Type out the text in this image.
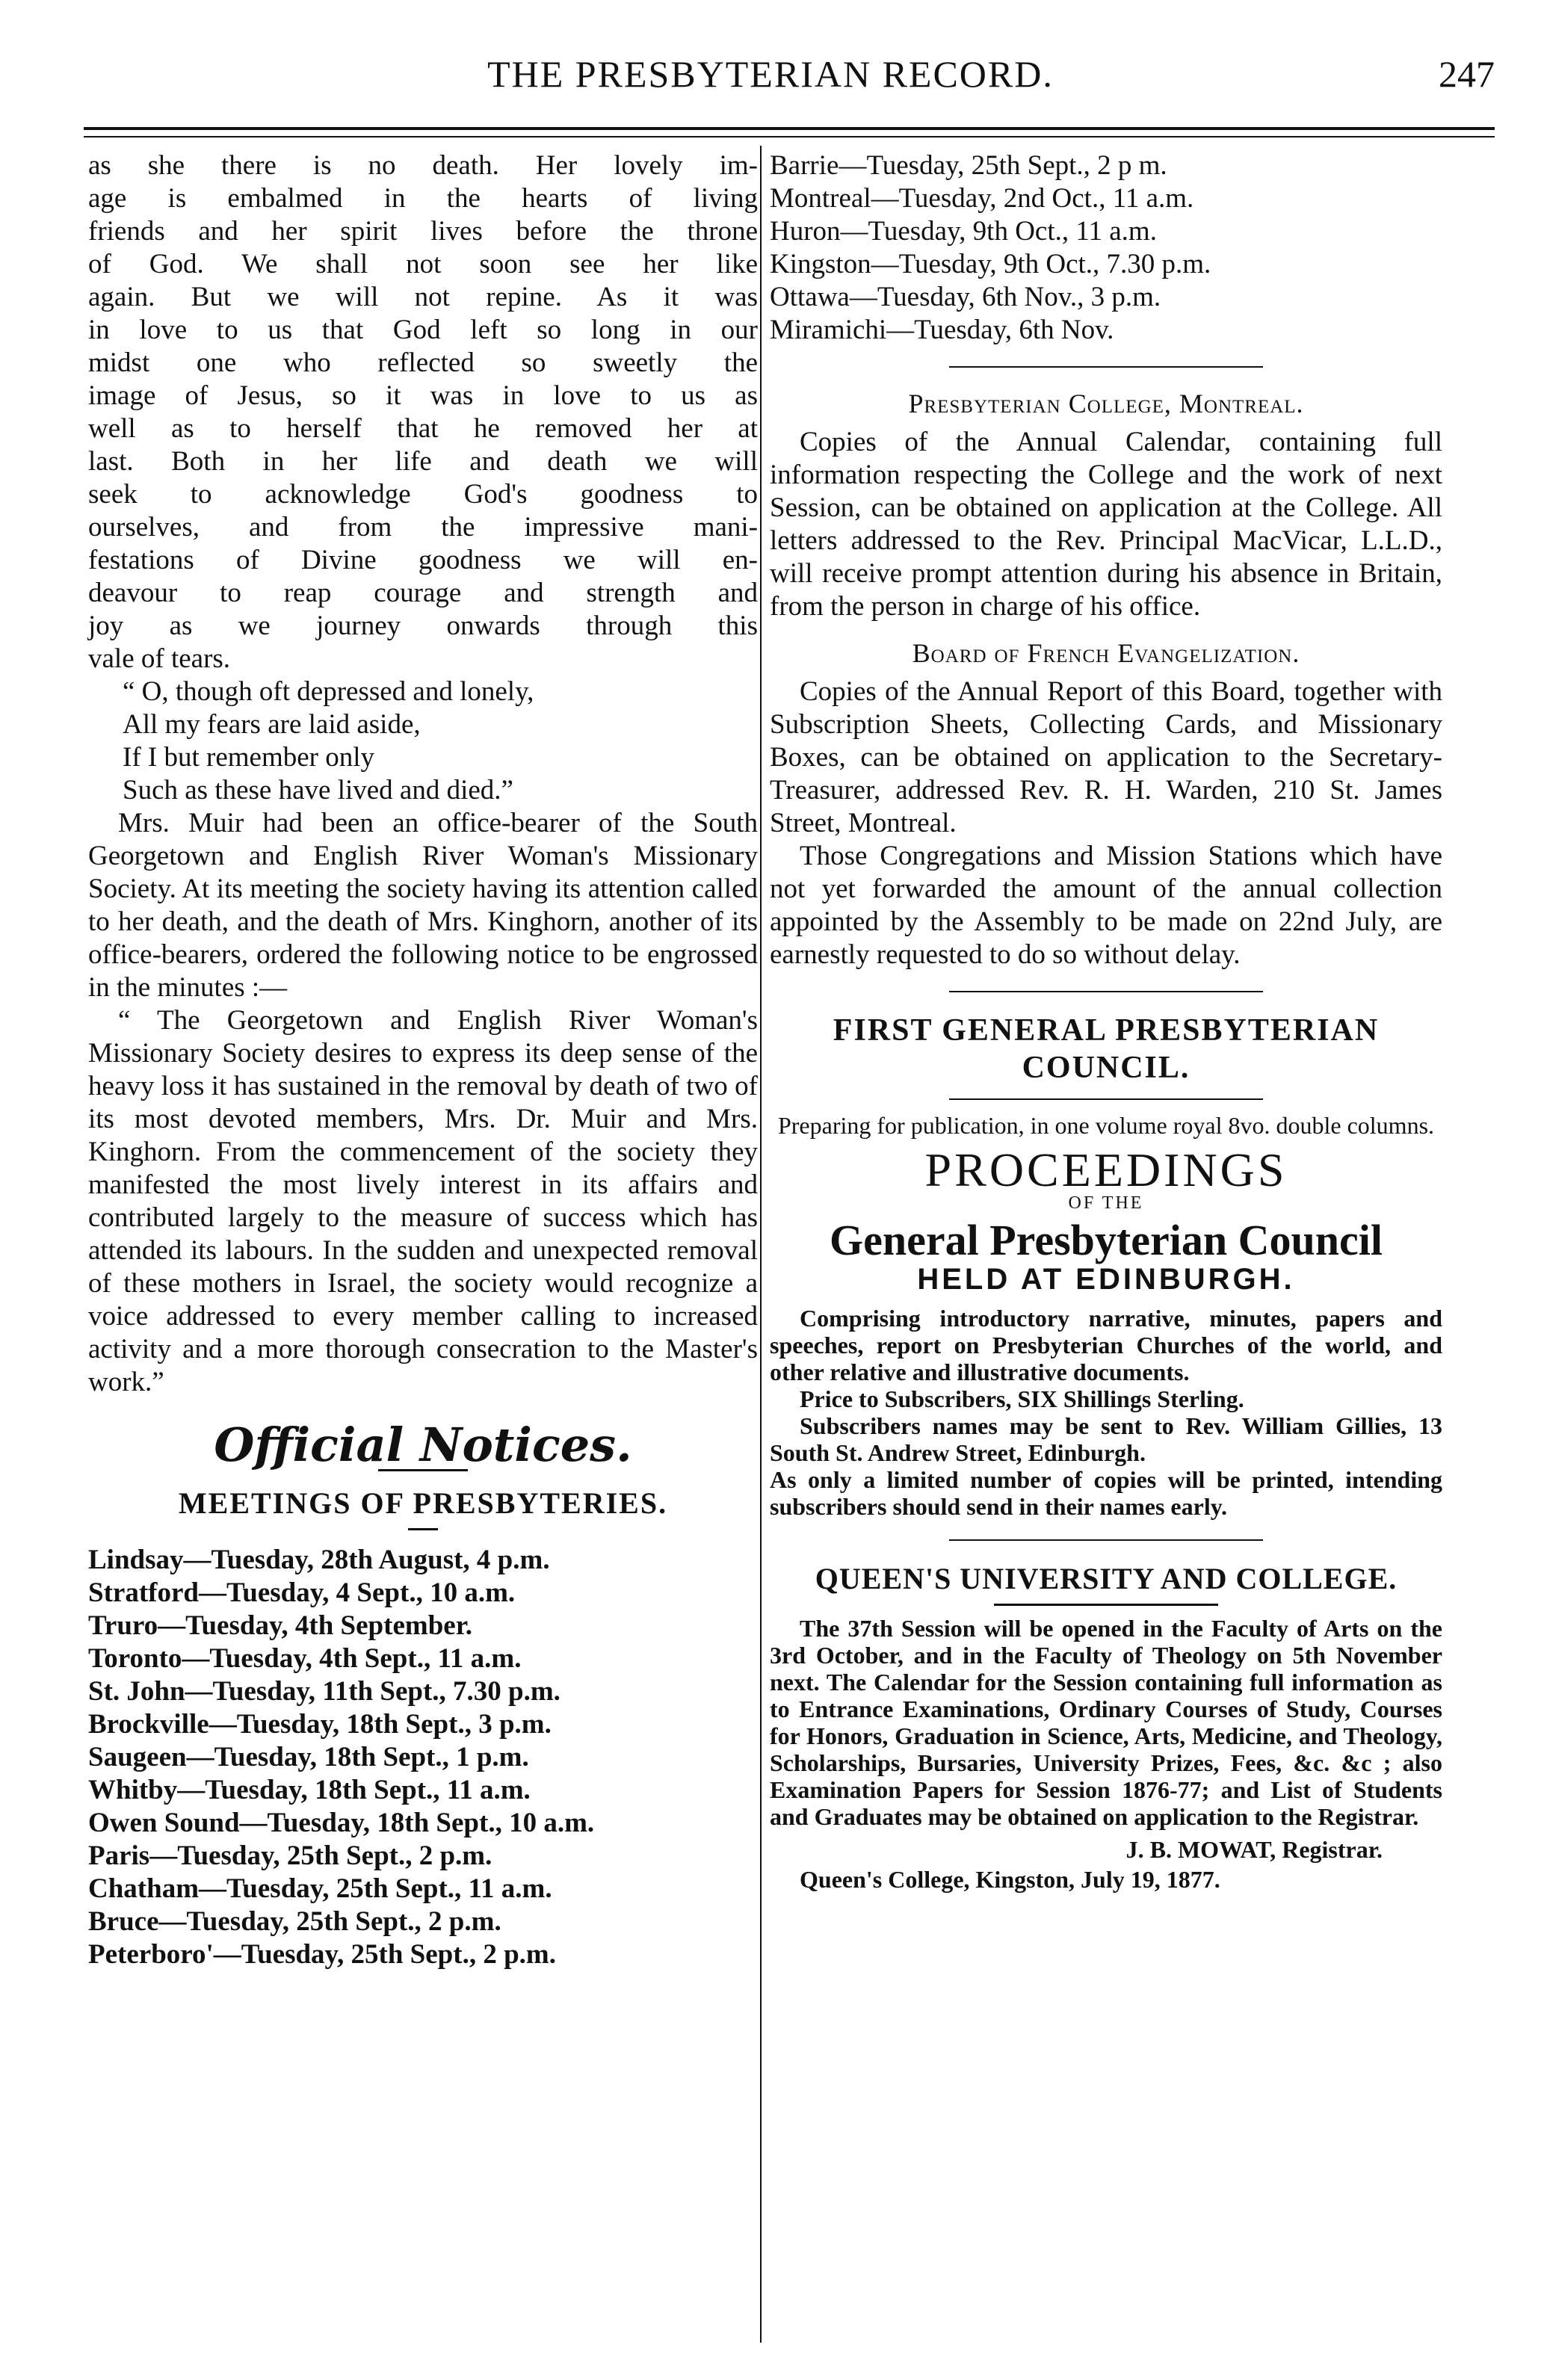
THE PRESBYTERIAN RECORD.	247
as she there is no death. Her lovely im-
age is embalmed in the hearts of living
friends and her spirit lives before the throne
of God. We shall not soon see her like
again. But we will not repine. As it was
in love to us that God left so long in our
midst one who reflected so sweetly the
image of Jesus, so it was in love to us as
well as to herself that he removed her at
last. Both in her life and death we will
seek to acknowledge God's goodness to
ourselves, and from the impressive mani-
festations of Divine goodness we will en-
deavour to reap courage and strength and
joy as we journey onwards through this
vale of tears.
“ O, though oft depressed and lonely,
All my fears are laid aside,
If I but remember only
Such as these have lived and died.”

Mrs. Muir had been an office-bearer of the South Georgetown and English River Woman's Missionary Society. At its meeting the society having its attention called to her death, and the death of Mrs. Kinghorn, another of its office-bearers, ordered the following notice to be engrossed in the minutes :—

“ The Georgetown and English River Woman's Missionary Society desires to express its deep sense of the heavy loss it has sustained in the removal by death of two of its most devoted members, Mrs. Dr. Muir and Mrs. Kinghorn. From the commencement of the society they manifested the most lively interest in its affairs and contributed largely to the measure of success which has attended its labours. In the sudden and unexpected removal of these mothers in Israel, the society would recognize a voice addressed to every member calling to increased activity and a more thorough consecration to the Master's work.”

Official Notices.
MEETINGS OF PRESBYTERIES.
Lindsay—Tuesday, 28th August, 4 p.m.
Stratford—Tuesday, 4 Sept., 10 a.m.
Truro—Tuesday, 4th September.
Toronto—Tuesday, 4th Sept., 11 a.m.
St. John—Tuesday, 11th Sept., 7.30 p.m.
Brockville—Tuesday, 18th Sept., 3 p.m.
Saugeen—Tuesday, 18th Sept., 1 p.m.
Whitby—Tuesday, 18th Sept., 11 a.m.
Owen Sound—Tuesday, 18th Sept., 10 a.m.
Paris—Tuesday, 25th Sept., 2 p.m.
Chatham—Tuesday, 25th Sept., 11 a.m.
Bruce—Tuesday, 25th Sept., 2 p.m.
Peterboro'—Tuesday, 25th Sept., 2 p.m.
Barrie—Tuesday, 25th Sept., 2 p m.
Montreal—Tuesday, 2nd Oct., 11 a.m.
Huron—Tuesday, 9th Oct., 11 a.m.
Kingston—Tuesday, 9th Oct., 7.30 p.m.
Ottawa—Tuesday, 6th Nov., 3 p.m.
Miramichi—Tuesday, 6th Nov.
Presbyterian College, Montreal.

Copies of the Annual Calendar, containing full information respecting the College and the work of next Session, can be obtained on application at the College. All letters addressed to the Rev. Principal MacVicar, L.L.D., will receive prompt attention during his absence in Britain, from the person in charge of his office.

Board of French Evangelization.

Copies of the Annual Report of this Board, together with Subscription Sheets, Collecting Cards, and Missionary Boxes, can be obtained on application to the Secretary-Treasurer, addressed Rev. R. H. Warden, 210 St. James Street, Montreal.

Those Congregations and Mission Stations which have not yet forwarded the amount of the annual collection appointed by the Assembly to be made on 22nd July, are earnestly requested to do so without delay.

FIRST GENERAL PRESBYTERIAN COUNCIL.
Preparing for publication, in one volume royal 8vo. double columns.
PROCEEDINGS
OF THE
General Presbyterian Council
HELD AT EDINBURGH.

Comprising introductory narrative, minutes, papers and speeches, report on Presbyterian Churches of the world, and other relative and illustrative documents.

Price to Subscribers, SIX Shillings Sterling.

Subscribers names may be sent to Rev. William Gillies, 13 South St. Andrew Street, Edinburgh.

As only a limited number of copies will be printed, intending subscribers should send in their names early.

QUEEN'S UNIVERSITY AND COLLEGE.

The 37th Session will be opened in the Faculty of Arts on the 3rd October, and in the Faculty of Theology on 5th November next. The Calendar for the Session containing full information as to Entrance Examinations, Ordinary Courses of Study, Courses for Honors, Graduation in Science, Arts, Medicine, and Theology, Scholarships, Bursaries, University Prizes, Fees, &c. &c ; also Examination Papers for Session 1876-77; and List of Students and Graduates may be obtained on application to the Registrar.

J. B. MOWAT, Registrar.
Queen's College, Kingston, July 19, 1877.
